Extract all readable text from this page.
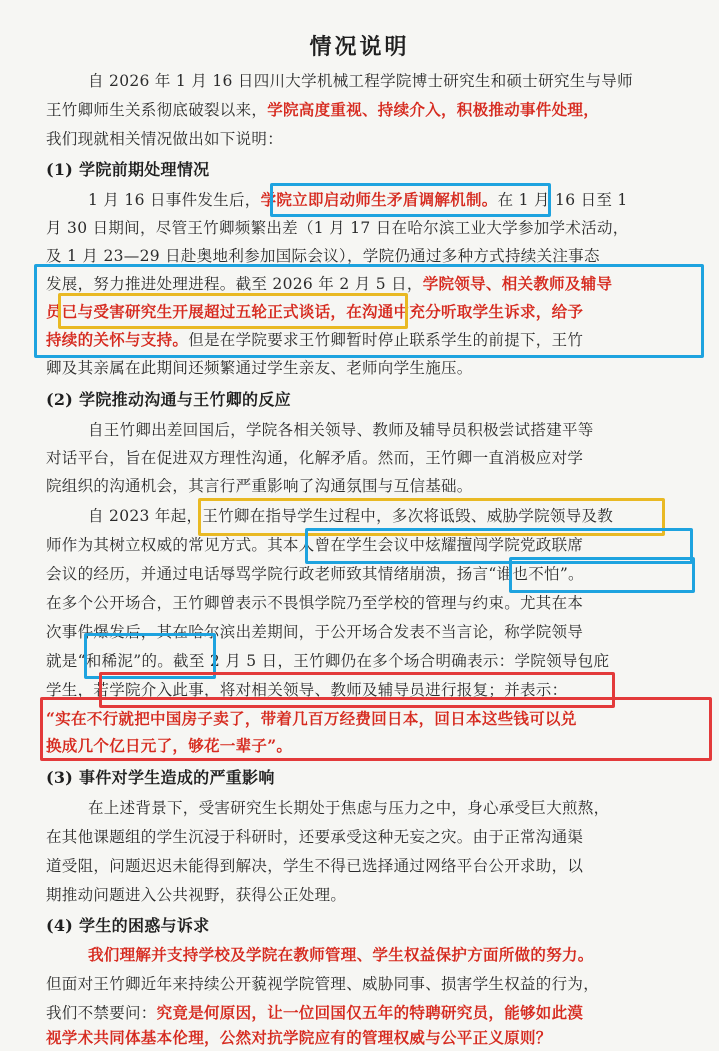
情况说明
自 2026 年 1 月 16 日四川大学机械工程学院博士研究生和硕士研究生与导师
王竹卿师生关系彻底破裂以来，学院高度重视、持续介入，积极推动事件处理，
我们现就相关情况做出如下说明：
(1) 学院前期处理情况
1 月 16 日事件发生后，学院立即启动师生矛盾调解机制。在 1 月 16 日至 1
月 30 日期间，尽管王竹卿频繁出差（1 月 17 日在哈尔滨工业大学参加学术活动，
及 1 月 23—29 日赴奥地利参加国际会议），学院仍通过多种方式持续关注事态
发展，努力推进处理进程。截至 2026 年 2 月 5 日，学院领导、相关教师及辅导
员已与受害研究生开展超过五轮正式谈话，在沟通中充分听取学生诉求，给予
持续的关怀与支持。但是在学院要求王竹卿暂时停止联系学生的前提下，王竹
卿及其亲属在此期间还频繁通过学生亲友、老师向学生施压。
(2) 学院推动沟通与王竹卿的反应
自王竹卿出差回国后，学院各相关领导、教师及辅导员积极尝试搭建平等
对话平台，旨在促进双方理性沟通，化解矛盾。然而，王竹卿一直消极应对学
院组织的沟通机会，其言行严重影响了沟通氛围与互信基础。
自 2023 年起，王竹卿在指导学生过程中，多次将诋毁、威胁学院领导及教
师作为其树立权威的常见方式。其本人曾在学生会议中炫耀擅闯学院党政联席
会议的经历，并通过电话辱骂学院行政老师致其情绪崩溃，扬言“谁也不怕”。
在多个公开场合，王竹卿曾表示不畏惧学院乃至学校的管理与约束。尤其在本
次事件爆发后，其在哈尔滨出差期间，于公开场合发表不当言论，称学院领导
就是“和稀泥”的。截至 2 月 5 日，王竹卿仍在多个场合明确表示：学院领导包庇
学生，若学院介入此事，将对相关领导、教师及辅导员进行报复；并表示：
“实在不行就把中国房子卖了，带着几百万经费回日本，回日本这些钱可以兑
换成几个亿日元了，够花一辈子”。
(3) 事件对学生造成的严重影响
在上述背景下，受害研究生长期处于焦虑与压力之中，身心承受巨大煎熬，
在其他课题组的学生沉浸于科研时，还要承受这种无妄之灾。由于正常沟通渠
道受阻，问题迟迟未能得到解决，学生不得已选择通过网络平台公开求助，以
期推动问题进入公共视野，获得公正处理。
(4) 学生的困惑与诉求
我们理解并支持学校及学院在教师管理、学生权益保护方面所做的努力。
但面对王竹卿近年来持续公开藐视学院管理、威胁同事、损害学生权益的行为，
我们不禁要问：究竟是何原因，让一位回国仅五年的特聘研究员，能够如此漠
视学术共同体基本伦理，公然对抗学院应有的管理权威与公平正义原则？
